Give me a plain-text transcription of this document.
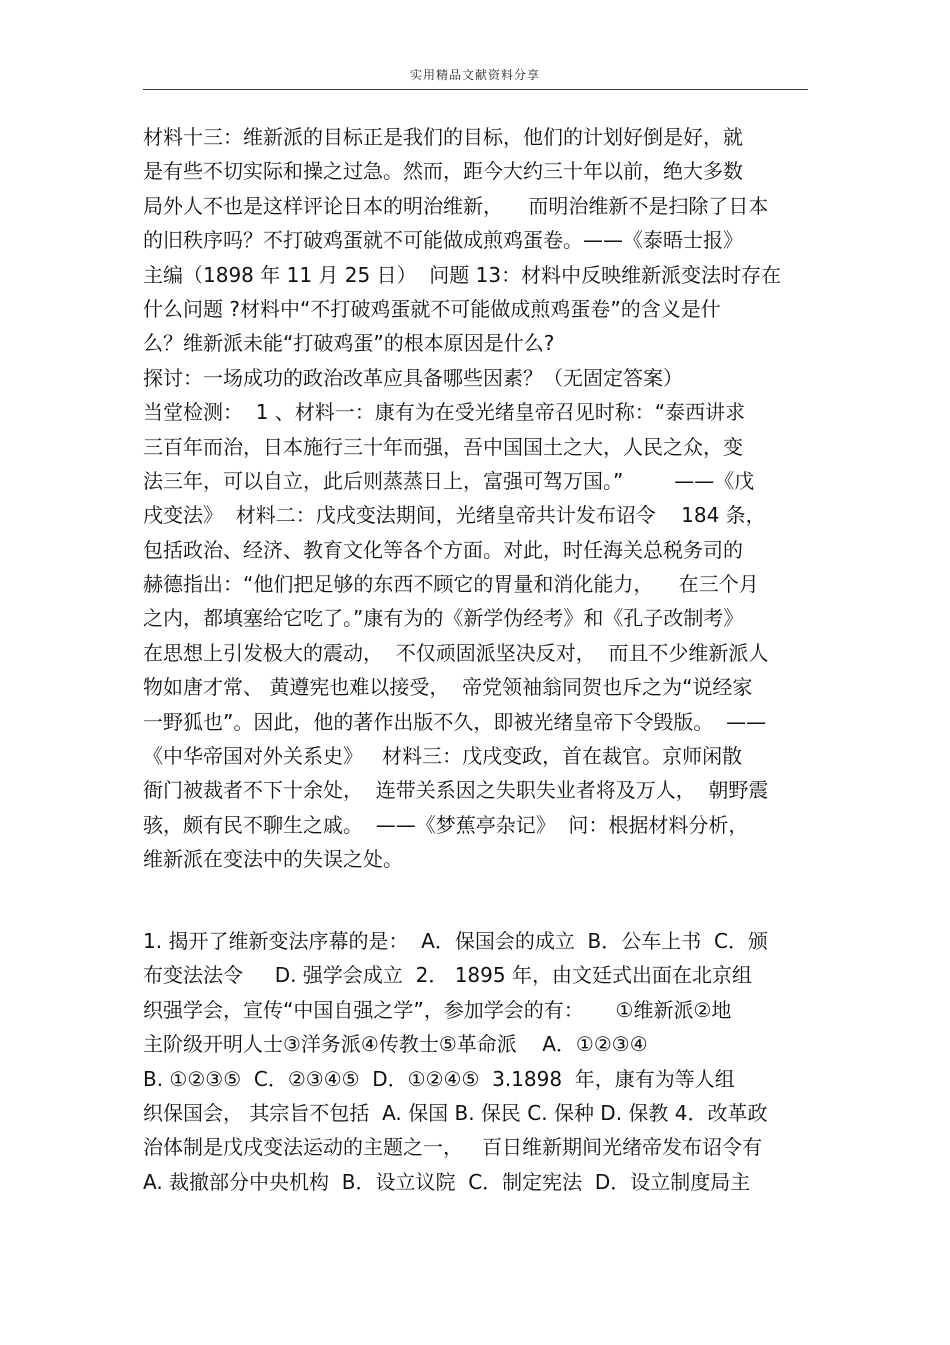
实用精品文献资料分享
材料十三：维新派的目标正是我们的目标，他们的计划好倒是好，就
是有些不切实际和操之过急。然而，距今大约三十年以前，绝大多数
局外人不也是这样评论日本的明治维新，    而明治维新不是扫除了日本
的旧秩序吗？不打破鸡蛋就不可能做成煎鸡蛋卷。——《泰晤士报》
主编（1898 年 11 月 25 日）  问题 13：材料中反映维新派变法时存在
什么问题 ?材料中“不打破鸡蛋就不可能做成煎鸡蛋卷”的含义是什
么？维新派未能“打破鸡蛋”的根本原因是什么?
探讨：一场成功的政治改革应具备哪些因素？（无固定答案）
当堂检测：  1 、材料一：康有为在受光绪皇帝召见时称：“泰西讲求
三百年而治，日本施行三十年而强，吾中国国土之大，人民之众，变
法三年，可以自立，此后则蒸蒸日上，富强可驾万国。”        ——《戊
戌变法》  材料二：戊戌变法期间，光绪皇帝共计发布诏令    184 条，
包括政治、经济、教育文化等各个方面。对此，时任海关总税务司的
赫德指出：“他们把足够的东西不顾它的胃量和消化能力，    在三个月
之内，都填塞给它吃了。”康有为的《新学伪经考》和《孔子改制考》
在思想上引发极大的震动，  不仅顽固派坚决反对，  而且不少维新派人
物如唐才常、 黄遵宪也难以接受，  帝党领袖翁同贺也斥之为“说经家
一野狐也”。因此，他的著作出版不久，即被光绪皇帝下令毁版。  ——
《中华帝国对外关系史》   材料三：戊戌变政，首在裁官。京师闲散
衙门被裁者不下十余处，  连带关系因之失职失业者将及万人，  朝野震
骇，颇有民不聊生之戚。  ——《梦蕉亭杂记》  问：根据材料分析，
维新派在变法中的失误之处。
1. 揭开了维新变法序幕的是：  A．保国会的成立  B．公车上书  C．颁
布变法法令     D. 强学会成立  2． 1895 年，由文廷式出面在北京组
织强学会，宣传“中国自强之学”，参加学会的有：     ①维新派②地
主阶级开明人士③洋务派④传教士⑤革命派    A．①②③④
B. ①②③⑤  C．②③④⑤  D．①②④⑤  3.1898  年，康有为等人组
织保国会， 其宗旨不包括  A. 保国 B. 保民 C. 保种 D. 保教 4．改革政
治体制是戊戌变法运动的主题之一，   百日维新期间光绪帝发布诏令有
A. 裁撤部分中央机构  B．设立议院  C．制定宪法  D．设立制度局主
